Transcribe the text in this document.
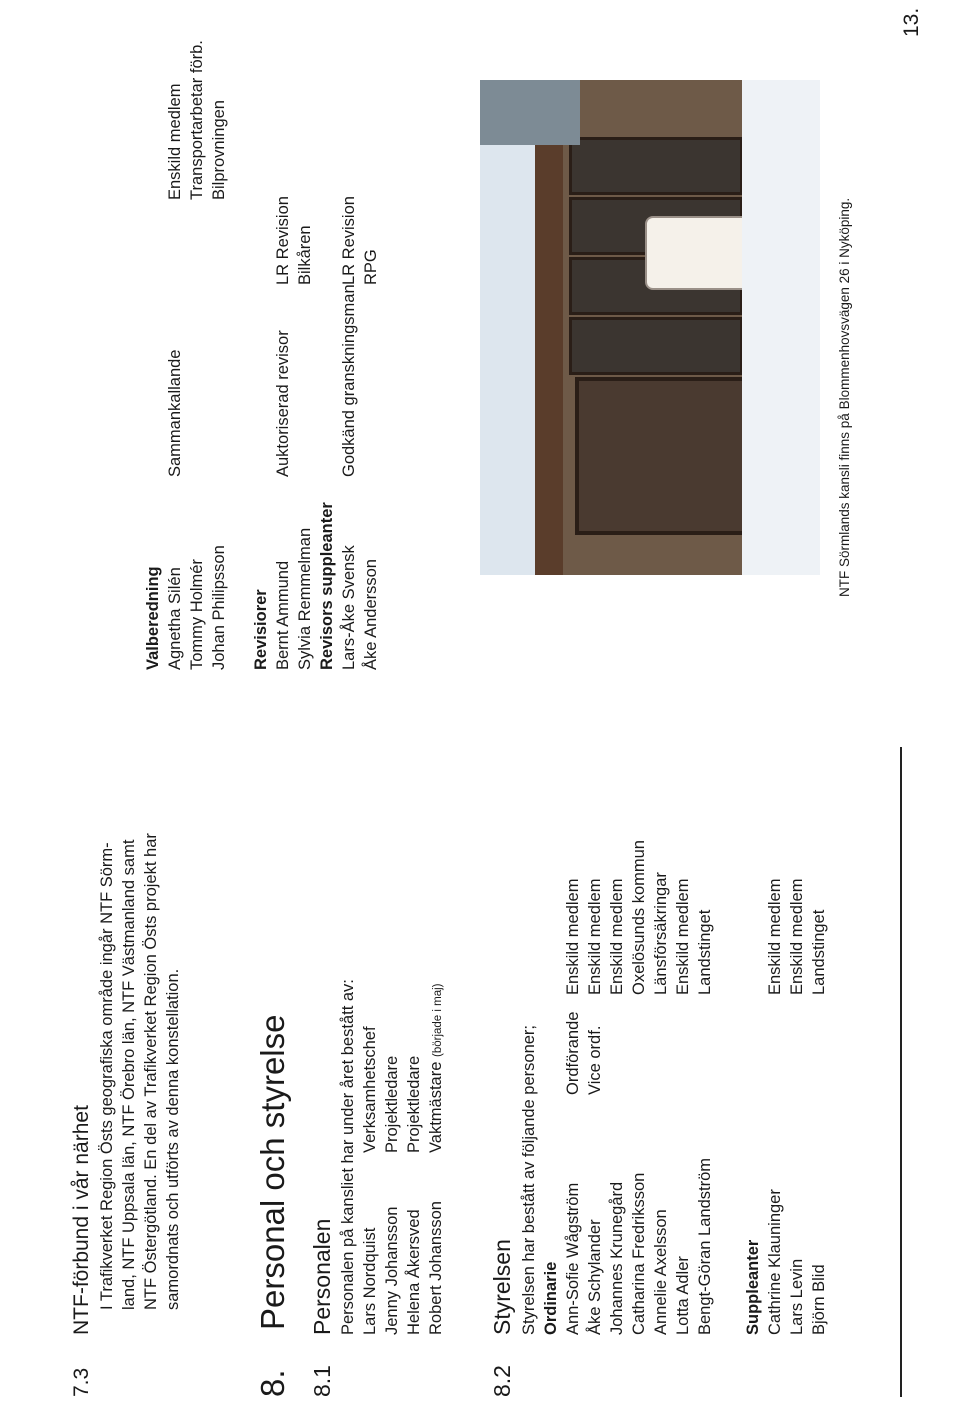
7.3
NTF-förbund i vår närhet I Trafikverket Region Östs geografiska område ingår NTF Sörm- land, NTF Uppsala län, NTF Örebro län, NTF Västmanland samt NTF Östergötland. En del av Trafikverket Region Östs projekt har samordnats och utförts av denna konstellation.
8.
Personal och styrelse
8.1
Personalen Personalen på kansliet har under året bestått av: Lars Nordquist Jenny Johansson Helena Åkersved Robert Johansson
Verksamhetschef Projektledare Projektledare Vaktmästare (började i maj)
8.2
Styrelsen Styrelsen har bestått av följande personer; Ordinarie Ann-Sofie Wågström Åke Schylander Johannes Krunegård Catharina Fredriksson Annelie Axelsson Lotta Adler Bengt-Göran Landström
Ordförande Vice ordf.
Enskild medlem Enskild medlem Enskild medlem Oxelösunds kommun Länsförsäkringar Enskild medlem Landstinget
Suppleanter Cathrine Klauninger Lars Levin Björn Blid
Enskild medlem Enskild medlem Landstinget
Valberedning Agnetha Silén Tommy Holmér Johan Philipsson
Sammankallande
Enskild medlem Transportarbetar förb. Bilprovningen
Revisiorer Bernt Ammund Sylvia Remmelman
Auktoriserad revisor
LR Revision Bilkåren
Revisors suppleanter Lars-Åke Svensk Åke Andersson
Godkänd granskningsman
LR Revision RPG	NTF Sörmlands kansli finns på Blommenhovsvägen 26 i Nyköping.
13.
